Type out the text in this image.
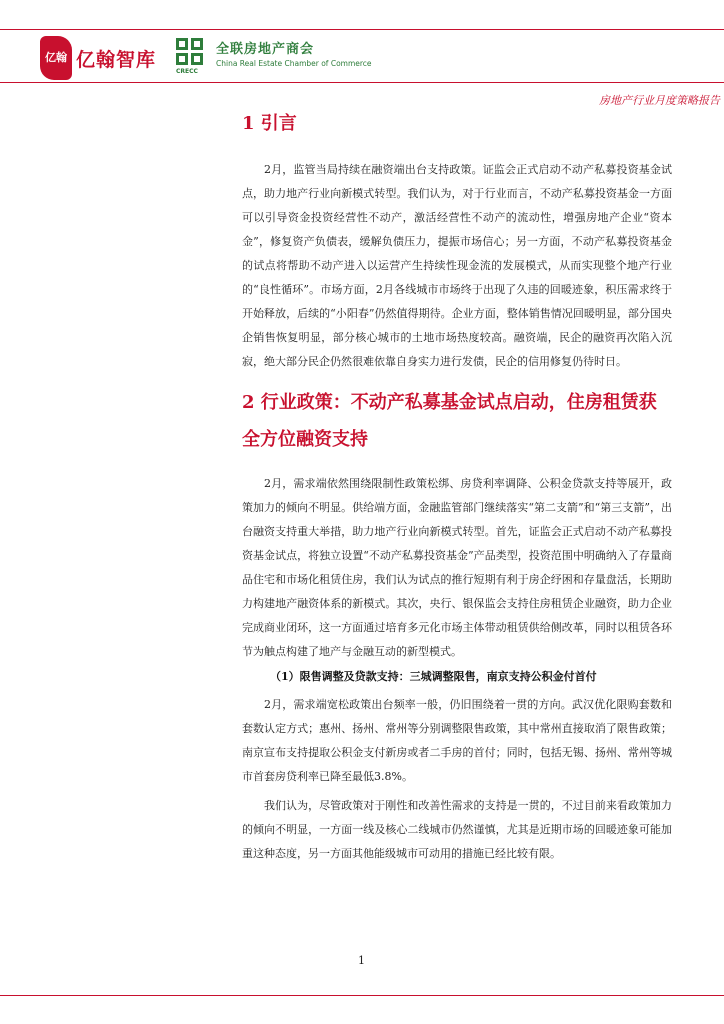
亿翰 亿翰智库
CRECC
全联房地产商会
China Real Estate Chamber of Commerce
房地产行业月度策略报告
1 引言

2月，监管当局持续在融资端出台支持政策。证监会正式启动不动产私募投资基金试点，助力地产行业向新模式转型。我们认为，对于行业而言，不动产私募投资基金一方面可以引导资金投资经营性不动产，激活经营性不动产的流动性，增强房地产企业“资本金”，修复资产负债表，缓解负债压力，提振市场信心；另一方面，不动产私募投资基金的试点将帮助不动产进入以运营产生持续性现金流的发展模式，从而实现整个地产行业的“良性循环”。市场方面，2月各线城市市场终于出现了久违的回暖迹象，积压需求终于开始释放，后续的“小阳春”仍然值得期待。企业方面，整体销售情况回暖明显，部分国央企销售恢复明显，部分核心城市的土地市场热度较高。融资端，民企的融资再次陷入沉寂，绝大部分民企仍然很难依靠自身实力进行发债，民企的信用修复仍待时日。

2 行业政策：不动产私募基金试点启动，住房租赁获全方位融资支持

2月，需求端依然围绕限制性政策松绑、房贷利率调降、公积金贷款支持等展开，政策加力的倾向不明显。供给端方面，金融监管部门继续落实“第二支箭”和“第三支箭”，出台融资支持重大举措，助力地产行业向新模式转型。首先，证监会正式启动不动产私募投资基金试点，将独立设置“不动产私募投资基金”产品类型，投资范围中明确纳入了存量商品住宅和市场化租赁住房，我们认为试点的推行短期有利于房企纾困和存量盘活，长期助力构建地产融资体系的新模式。其次，央行、银保监会支持住房租赁企业融资，助力企业完成商业闭环，这一方面通过培育多元化市场主体带动租赁供给侧改革，同时以租赁各环节为触点构建了地产与金融互动的新型模式。

（1）限售调整及贷款支持：三城调整限售，南京支持公积金付首付

2月，需求端宽松政策出台频率一般，仍旧围绕着一贯的方向。武汉优化限购套数和套数认定方式；惠州、扬州、常州等分别调整限售政策，其中常州直接取消了限售政策；南京宣布支持提取公积金支付新房或者二手房的首付；同时，包括无锡、扬州、常州等城市首套房贷利率已降至最低3.8%。

我们认为，尽管政策对于刚性和改善性需求的支持是一贯的，不过目前来看政策加力的倾向不明显，一方面一线及核心二线城市仍然谨慎，尤其是近期市场的回暖迹象可能加重这种态度，另一方面其他能级城市可动用的措施已经比较有限。

1
